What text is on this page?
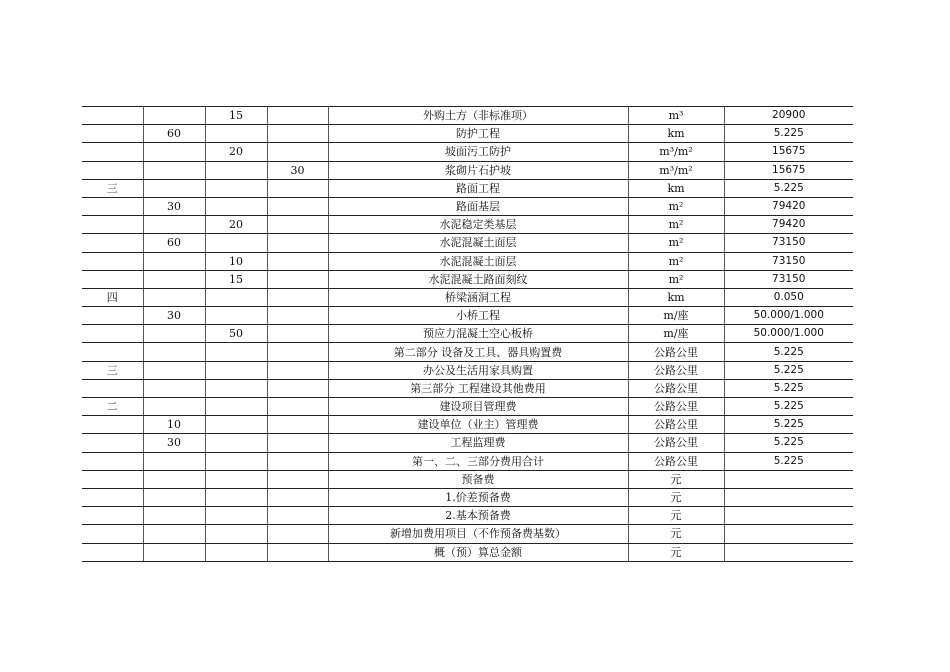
		15		外购土方（非标准项）	m³	20900
	60			防护工程	km	5.225
		20		坡面污工防护	m³/m²	15675
			30	浆砌片石护坡	m³/m²	15675
三				路面工程	km	5.225
	30			路面基层	m²	79420
		20		水泥稳定类基层	m²	79420
	60			水泥混凝土面层	m²	73150
		10		水泥混凝土面层	m²	73150
		15		水泥混凝土路面刻纹	m²	73150
四				桥梁涵洞工程	km	0.050
	30			小桥工程	m/座	50.000/1.000
		50		预应力混凝土空心板桥	m/座	50.000/1.000
				第二部分 设备及工具、器具购置费	公路公里	5.225
三				办公及生活用家具购置	公路公里	5.225
				第三部分 工程建设其他费用	公路公里	5.225
二				建设项目管理费	公路公里	5.225
	10			建设单位（业主）管理费	公路公里	5.225
	30			工程监理费	公路公里	5.225
				第一、二、三部分费用合计	公路公里	5.225
				预备费	元	
				1.价差预备费	元	
				2.基本预备费	元	
				新增加费用项目（不作预备费基数）	元	
				概（预）算总金额	元	
